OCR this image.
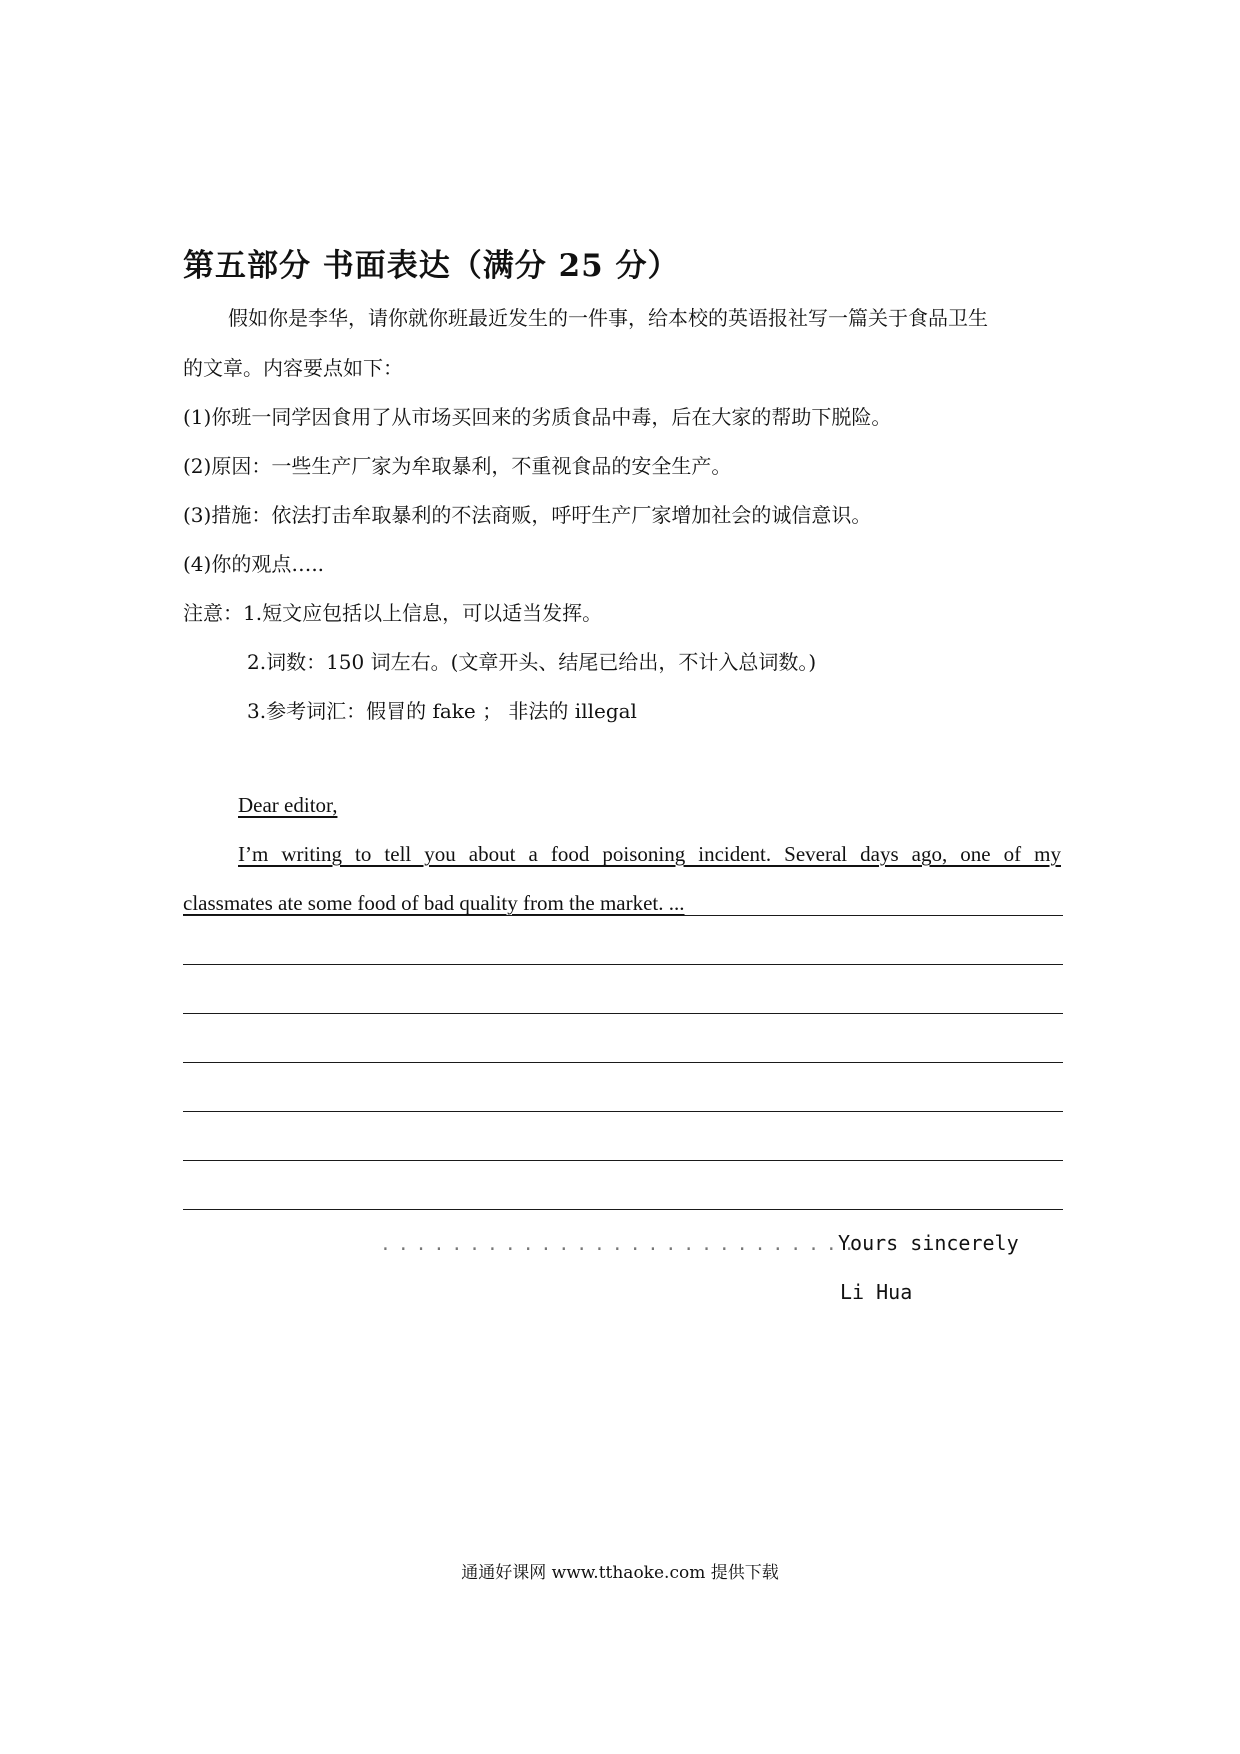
第五部分 书面表达（满分 25 分）
假如你是李华，请你就你班最近发生的一件事，给本校的英语报社写一篇关于食品卫生
的文章。内容要点如下：
(1)你班一同学因食用了从市场买回来的劣质食品中毒，后在大家的帮助下脱险。
(2)原因：一些生产厂家为牟取暴利，不重视食品的安全生产。
(3)措施：依法打击牟取暴利的不法商贩，呼吁生产厂家增加社会的诚信意识。
(4)你的观点…..
注意：1.短文应包括以上信息，可以适当发挥。
2.词数：150 词左右。(文章开头、结尾已给出，不计入总词数。)
3.参考词汇：假冒的 fake ； 非法的 illegal
Dear editor,
I’m writing to tell you about a food poisoning incident. Several days ago, one of my
classmates ate some food of bad quality from the market. ...
............................
Yours sincerely
Li Hua
通通好课网 www.tthaoke.com 提供下载
